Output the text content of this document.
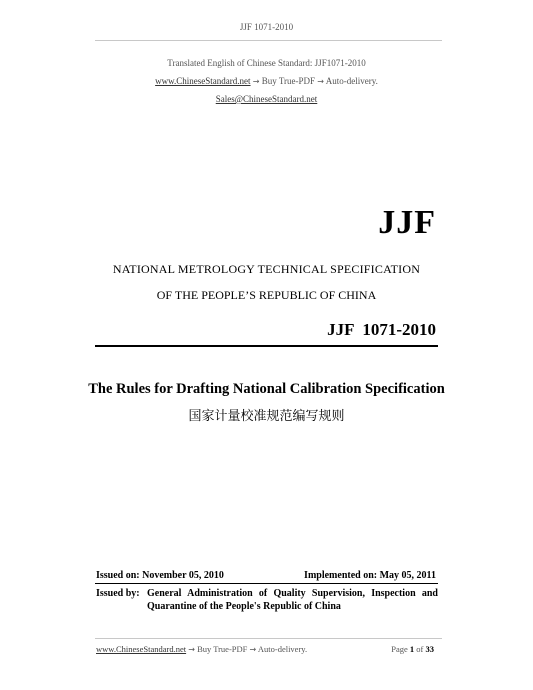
JJF 1071-2010
Translated English of Chinese Standard: JJF1071-2010
www.ChineseStandard.net → Buy True-PDF → Auto-delivery.
Sales@ChineseStandard.net
JJF
NATIONAL METROLOGY TECHNICAL SPECIFICATION
OF THE PEOPLE’S REPUBLIC OF CHINA
JJF  1071-2010
The Rules for Drafting National Calibration Specification
国家计量校准规范编写规则
Issued on: November 05, 2010	Implemented on: May 05, 2011
Issued by: General Administration of Quality Supervision, Inspection and
Quarantine of the People's Republic of China
www.ChineseStandard.net → Buy True-PDF → Auto-delivery.	Page 1 of 33
